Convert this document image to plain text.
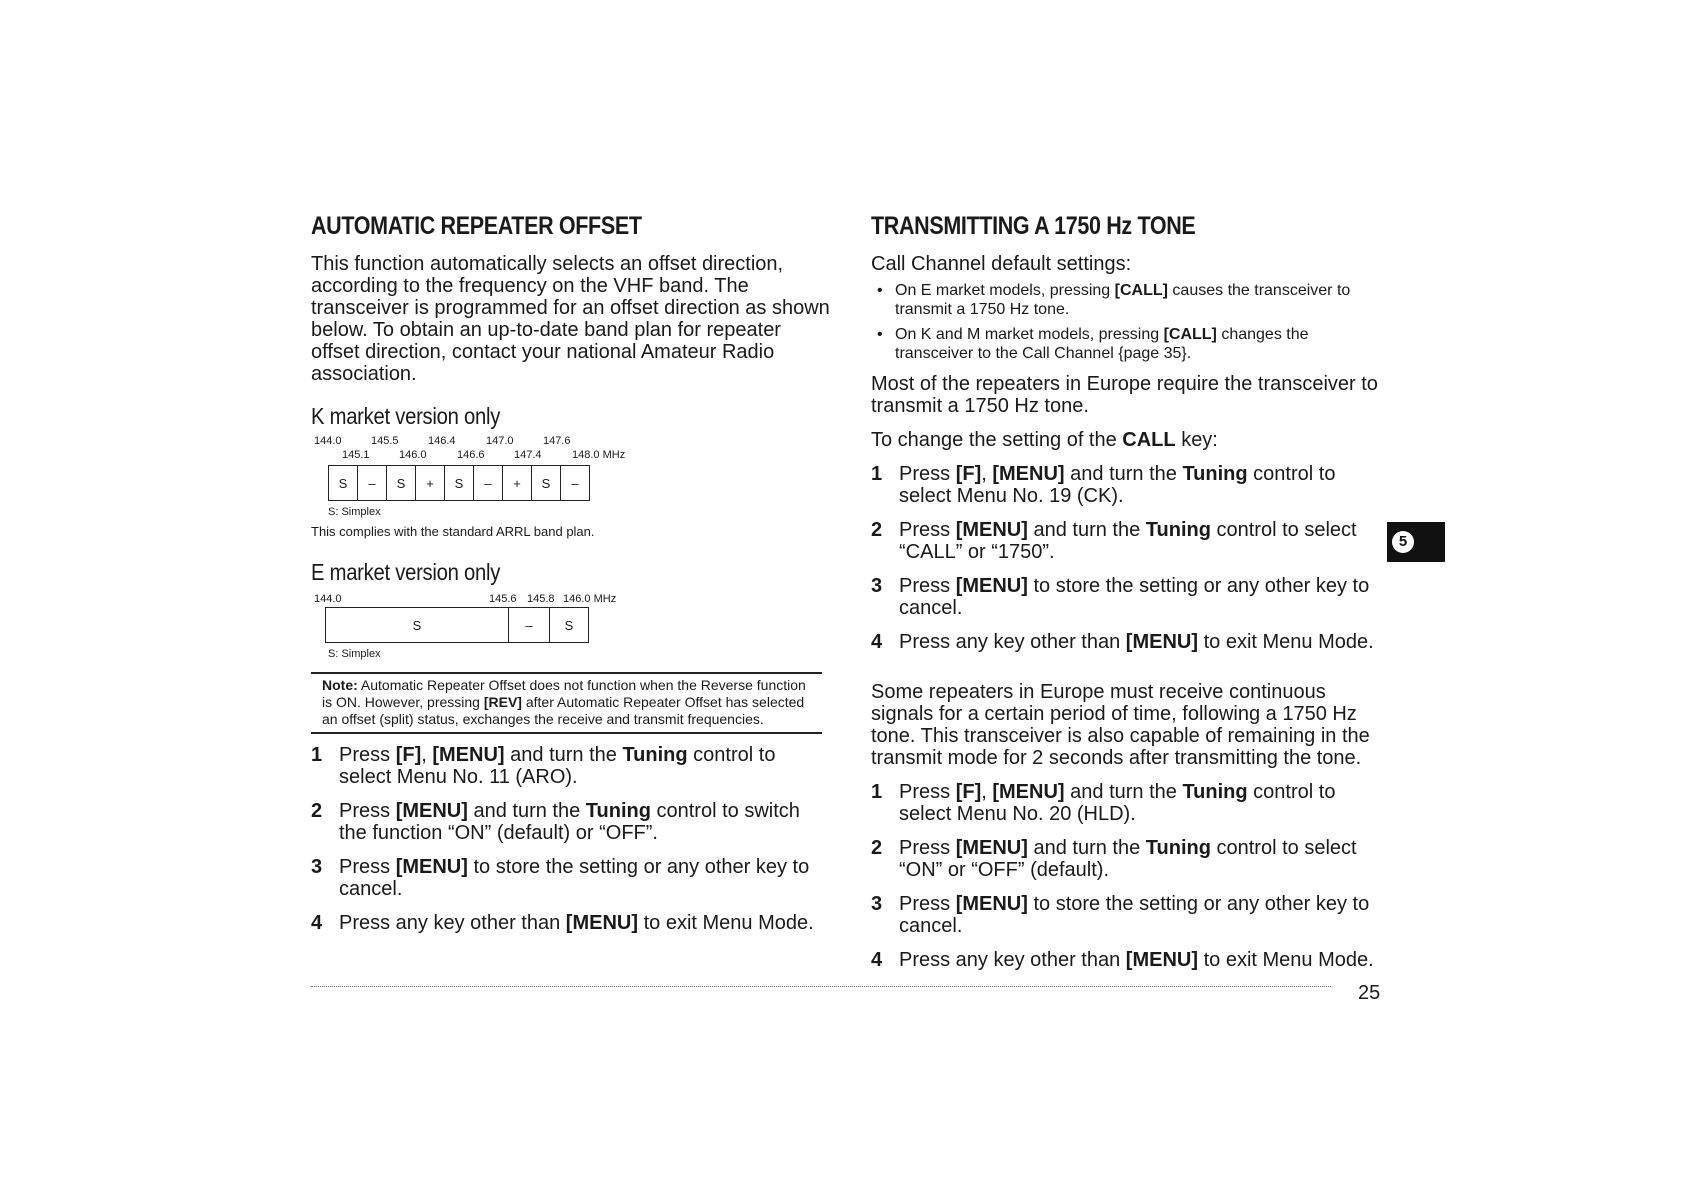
AUTOMATIC REPEATER OFFSET

This function automatically selects an offset direction, according to the frequency on the VHF band. The transceiver is programmed for an offset direction as shown below. To obtain an up-to-date band plan for repeater offset direction, contact your national Amateur Radio association.

K market version only
144.0	145.5	146.4	147.0	147.6
145.1	146.0	146.6	147.4	148.0 MHz
S	–	S	+	S	–	+	S	–
S: Simplex
This complies with the standard ARRL band plan.
E market version only
144.0	145.6 145.8 146.0 MHz
S	–	S
S: Simplex
Note: Automatic Repeater Offset does not function when the Reverse function is ON. However, pressing [REV] after Automatic Repeater Offset has selected an offset (split) status, exchanges the receive and transmit frequencies.
1 Press [F], [MENU] and turn the Tuning control to select Menu No. 11 (ARO).
2 Press [MENU] and turn the Tuning control to switch the function “ON” (default) or “OFF”.
3 Press [MENU] to store the setting or any other key to cancel.
4 Press any key other than [MENU] to exit Menu Mode.
TRANSMITTING A 1750 Hz TONE

Call Channel default settings:

• On E market models, pressing [CALL] causes the transceiver to transmit a 1750 Hz tone.
• On K and M market models, pressing [CALL] changes the transceiver to the Call Channel {page 35}.

Most of the repeaters in Europe require the transceiver to transmit a 1750 Hz tone.

To change the setting of the CALL key:

1 Press [F], [MENU] and turn the Tuning control to select Menu No. 19 (CK).
2 Press [MENU] and turn the Tuning control to select “CALL” or “1750”.
3 Press [MENU] to store the setting or any other key to cancel.
4 Press any key other than [MENU] to exit Menu Mode.

Some repeaters in Europe must receive continuous signals for a certain period of time, following a 1750 Hz tone. This transceiver is also capable of remaining in the transmit mode for 2 seconds after transmitting the tone.

1 Press [F], [MENU] and turn the Tuning control to select Menu No. 20 (HLD).
2 Press [MENU] and turn the Tuning control to select “ON” or “OFF” (default).
3 Press [MENU] to store the setting or any other key to cancel.
4 Press any key other than [MENU] to exit Menu Mode.
5
25
